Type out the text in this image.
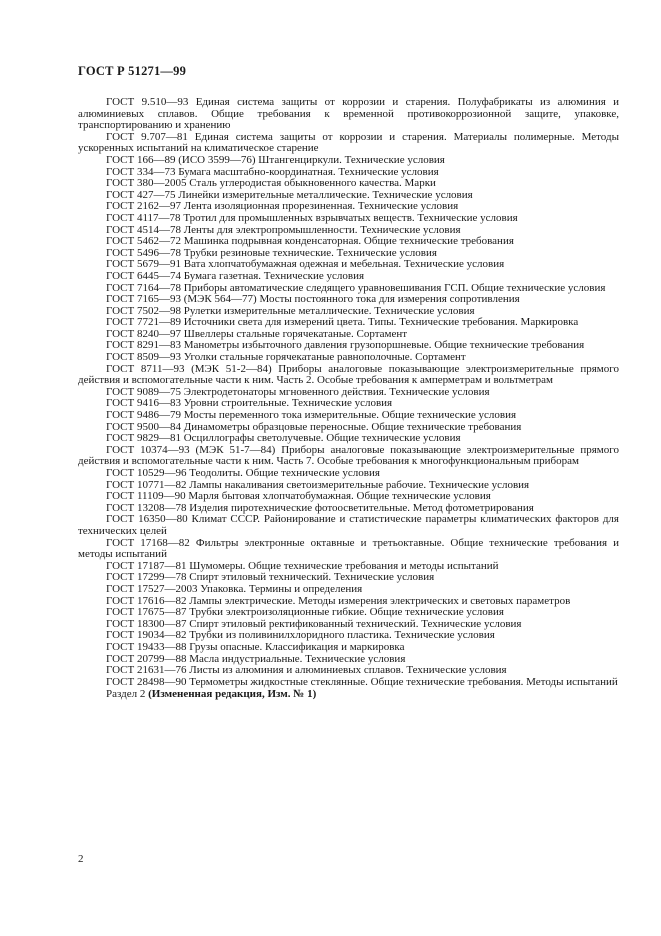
ГОСТ Р 51271—99

ГОСТ 9.510—93 Единая система защиты от коррозии и старения. Полуфабрикаты из алюминия и алюминиевых сплавов. Общие требования к временной противокоррозионной защите, упаковке, транспортированию и хранению

ГОСТ 9.707—81 Единая система защиты от коррозии и старения. Материалы полимерные. Методы ускоренных испытаний на климатическое старение

ГОСТ 166—89 (ИСО 3599—76) Штангенциркули. Технические условия

ГОСТ 334—73 Бумага масштабно-координатная. Технические условия

ГОСТ 380—2005 Сталь углеродистая обыкновенного качества. Марки

ГОСТ 427—75 Линейки измерительные металлические. Технические условия

ГОСТ 2162—97 Лента изоляционная прорезиненная. Технические условия

ГОСТ 4117—78 Тротил для промышленных взрывчатых веществ. Технические условия

ГОСТ 4514—78 Ленты для электропромышленности. Технические условия

ГОСТ 5462—72 Машинка подрывная конденсаторная. Общие технические требования

ГОСТ 5496—78 Трубки резиновые технические. Технические условия

ГОСТ 5679—91 Вата хлопчатобумажная одежная и мебельная. Технические условия

ГОСТ 6445—74 Бумага газетная. Технические условия

ГОСТ 7164—78 Приборы автоматические следящего уравновешивания ГСП. Общие технические условия

ГОСТ 7165—93 (МЭК 564—77) Мосты постоянного тока для измерения сопротивления

ГОСТ 7502—98 Рулетки измерительные металлические. Технические условия

ГОСТ 7721—89 Источники света для измерений цвета. Типы. Технические требования. Маркировка

ГОСТ 8240—97 Швеллеры стальные горячекатаные. Сортамент

ГОСТ 8291—83 Манометры избыточного давления грузопоршневые. Общие технические требования

ГОСТ 8509—93 Уголки стальные горячекатаные равнополочные. Сортамент

ГОСТ 8711—93 (МЭК 51-2—84) Приборы аналоговые показывающие электроизмерительные прямого действия и вспомогательные части к ним. Часть 2. Особые требования к амперметрам и вольтметрам

ГОСТ 9089—75 Электродетонаторы мгновенного действия. Технические условия

ГОСТ 9416—83 Уровни строительные. Технические условия

ГОСТ 9486—79 Мосты переменного тока измерительные. Общие технические условия

ГОСТ 9500—84 Динамометры образцовые переносные. Общие технические требования

ГОСТ 9829—81 Осциллографы светолучевые. Общие технические условия

ГОСТ 10374—93 (МЭК 51-7—84) Приборы аналоговые показывающие электроизмерительные прямого действия и вспомогательные части к ним. Часть 7. Особые требования к многофункциональным приборам

ГОСТ 10529—96 Теодолиты. Общие технические условия

ГОСТ 10771—82 Лампы накаливания светоизмерительные рабочие. Технические условия

ГОСТ 11109—90 Марля бытовая хлопчатобумажная. Общие технические условия

ГОСТ 13208—78 Изделия пиротехнические фотоосветительные. Метод фотометрирования

ГОСТ 16350—80 Климат СССР. Районирование и статистические параметры климатических факторов для технических целей

ГОСТ 17168—82 Фильтры электронные октавные и третьоктавные. Общие технические требования и методы испытаний

ГОСТ 17187—81 Шумомеры. Общие технические требования и методы испытаний

ГОСТ 17299—78 Спирт этиловый технический. Технические условия

ГОСТ 17527—2003 Упаковка. Термины и определения

ГОСТ 17616—82 Лампы электрические. Методы измерения электрических и световых параметров

ГОСТ 17675—87 Трубки электроизоляционные гибкие. Общие технические условия

ГОСТ 18300—87 Спирт этиловый ректификованный технический. Технические условия

ГОСТ 19034—82 Трубки из поливинилхлоридного пластика. Технические условия

ГОСТ 19433—88 Грузы опасные. Классификация и маркировка

ГОСТ 20799—88 Масла индустриальные. Технические условия

ГОСТ 21631—76 Листы из алюминия и алюминиевых сплавов. Технические условия

ГОСТ 28498—90 Термометры жидкостные стеклянные. Общие технические требования. Методы испытаний

Раздел 2 (Измененная редакция, Изм. № 1)

2
